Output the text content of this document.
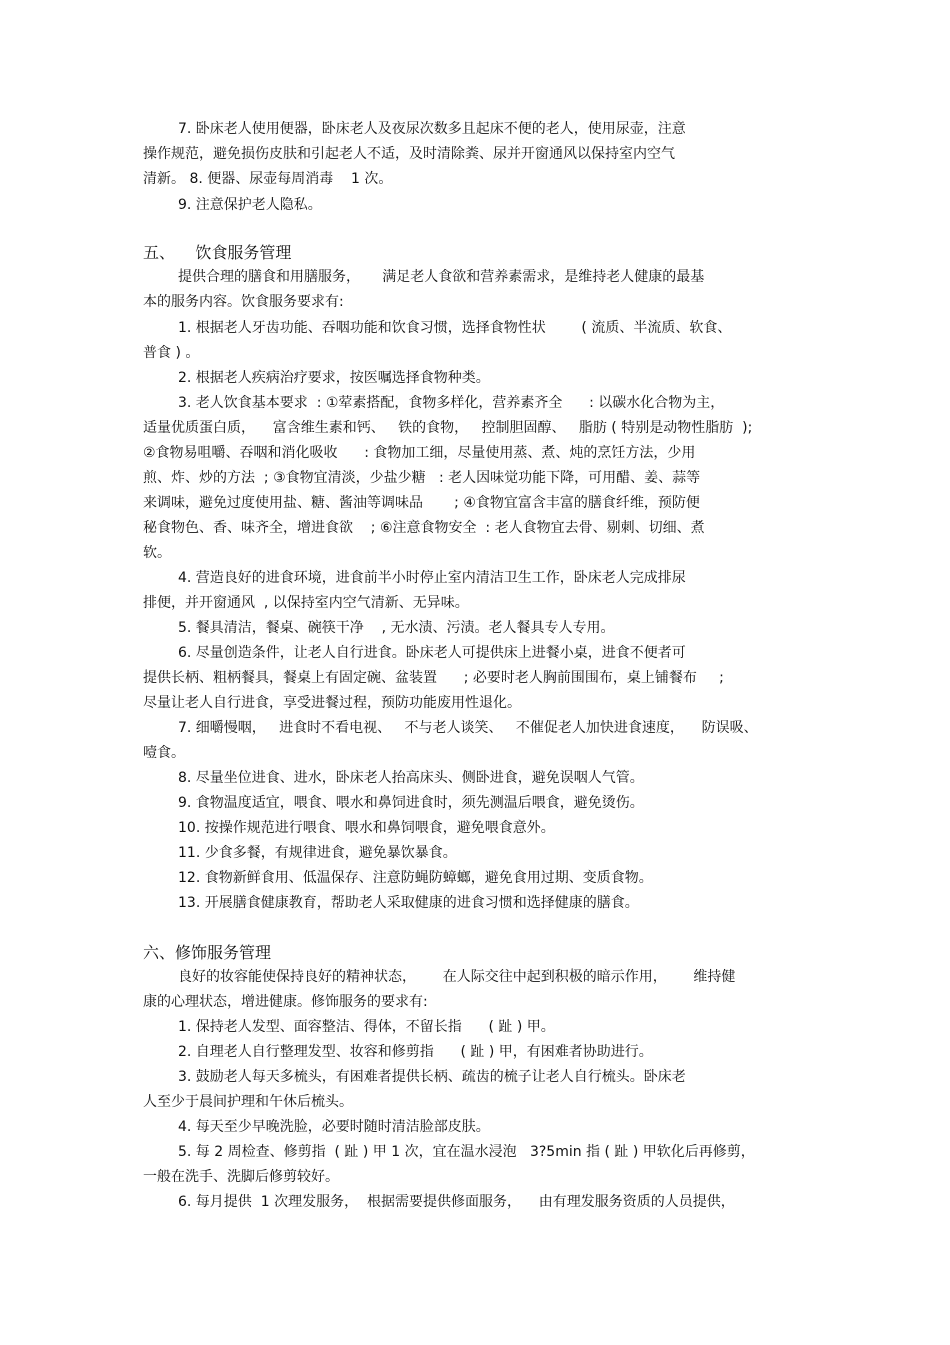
7. 卧床老人使用便器，卧床老人及夜尿次数多且起床不便的老人，使用尿壶，注意
操作规范，避免损伤皮肤和引起老人不适，及时清除粪、尿并开窗通风以保持室内空气
清新。 8. 便器、尿壶每周消毒    1 次。
9. 注意保护老人隐私。
五、    饮食服务管理
提供合理的膳食和用膳服务，     满足老人食欲和营养素需求，是维持老人健康的最基
本的服务内容。饮食服务要求有:
1. 根据老人牙齿功能、吞咽功能和饮食习惯，选择食物性状        ( 流质、半流质、软食、
普食 ) 。
2. 根据老人疾病治疗要求，按医嘱选择食物种类。
3. 老人饮食基本要求  : ①荤素搭配，食物多样化，营养素齐全      : 以碳水化合物为主，
适量优质蛋白质，    富含维生素和钙、   铁的食物，   控制胆固醇、   脂肪 ( 特别是动物性脂肪  );
②食物易咀嚼、吞咽和消化吸收      : 食物加工细，尽量使用蒸、煮、炖的烹饪方法，少用
煎、炸、炒的方法  ; ③食物宜清淡，少盐少糖   : 老人因味觉功能下降，可用醋、姜、蒜等
来调味，避免过度使用盐、糖、酱油等调味品       ; ④食物宜富含丰富的膳食纤维，预防便
秘食物色、香、味齐全，增进食欲    ; ⑥注意食物安全  : 老人食物宜去骨、剔刺、切细、煮
软。
4. 营造良好的进食环境，进食前半小时停止室内清洁卫生工作，卧床老人完成排尿
排便，并开窗通风  , 以保持室内空气清新、无异味。
5. 餐具清洁，餐桌、碗筷干净    , 无水渍、污渍。老人餐具专人专用。
6. 尽量创造条件，让老人自行进食。卧床老人可提供床上进餐小桌，进食不便者可
提供长柄、粗柄餐具，餐桌上有固定碗、盆装置      ; 必要时老人胸前围围布，桌上铺餐布     ;
尽量让老人自行进食，享受进餐过程，预防功能废用性退化。
7. 细嚼慢咽，   进食时不看电视、   不与老人谈笑、   不催促老人加快进食速度，    防误吸、
噎食。
8. 尽量坐位进食、进水，卧床老人抬高床头、侧卧进食，避免误咽人气管。
9. 食物温度适宜，喂食、喂水和鼻饲进食时，须先测温后喂食，避免烫伤。
10. 按操作规范进行喂食、喂水和鼻饲喂食，避免喂食意外。
11. 少食多餐，有规律进食，避免暴饮暴食。
12. 食物新鲜食用、低温保存、注意防蝇防蟑螂，避免食用过期、变质食物。
13. 开展膳食健康教育，帮助老人采取健康的进食习惯和选择健康的膳食。
六、修饰服务管理
良好的妆容能使保持良好的精神状态，      在人际交往中起到积极的暗示作用，      维持健
康的心理状态，增进健康。修饰服务的要求有:
1. 保持老人发型、面容整洁、得体，不留长指      ( 趾 ) 甲。
2. 自理老人自行整理发型、妆容和修剪指      ( 趾 ) 甲，有困难者协助进行。
3. 鼓励老人每天多梳头，有困难者提供长柄、疏齿的梳子让老人自行梳头。卧床老
人至少于晨间护理和午休后梳头。
4. 每天至少早晚洗脸，必要时随时清洁脸部皮肤。
5. 每 2 周检查、修剪指  ( 趾 ) 甲 1 次，宜在温水浸泡   3?5min 指 ( 趾 ) 甲软化后再修剪，
一般在洗手、洗脚后修剪较好。
6. 每月提供  1 次理发服务，  根据需要提供修面服务，    由有理发服务资质的人员提供，
